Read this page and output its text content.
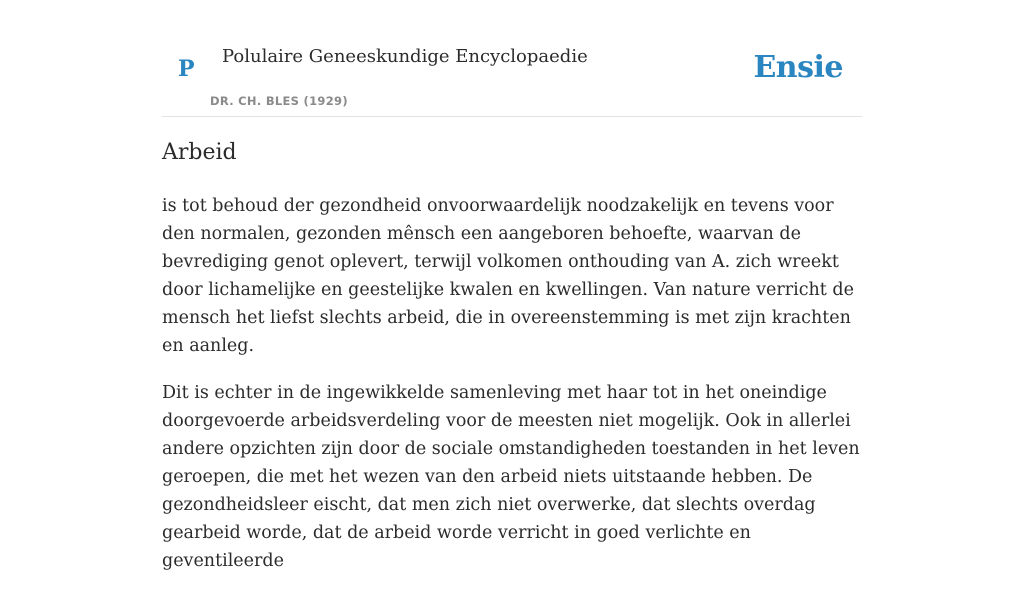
P Polulaire Geneeskundige Encyclopaedie
DR. CH. BLES (1929)
Ensie
Arbeid

is tot behoud der gezondheid onvoorwaardelijk noodzakelijk en tevens voor den normalen, gezonden mênsch een aangeboren behoefte, waarvan de bevrediging genot oplevert, terwijl volkomen onthouding van A. zich wreekt door lichamelijke en geestelijke kwalen en kwellingen. Van nature verricht de mensch het liefst slechts arbeid, die in overeenstemming is met zijn krachten en aanleg.

Dit is echter in de ingewikkelde samenleving met haar tot in het oneindige doorgevoerde arbeidsverdeling voor de meesten niet mogelijk. Ook in allerlei andere opzichten zijn door de sociale omstandigheden toestanden in het leven geroepen, die met het wezen van den arbeid niets uitstaande hebben. De gezondheidsleer eischt, dat men zich niet overwerke, dat slechts overdag gearbeid worde, dat de arbeid worde verricht in goed verlichte en geventileerde
